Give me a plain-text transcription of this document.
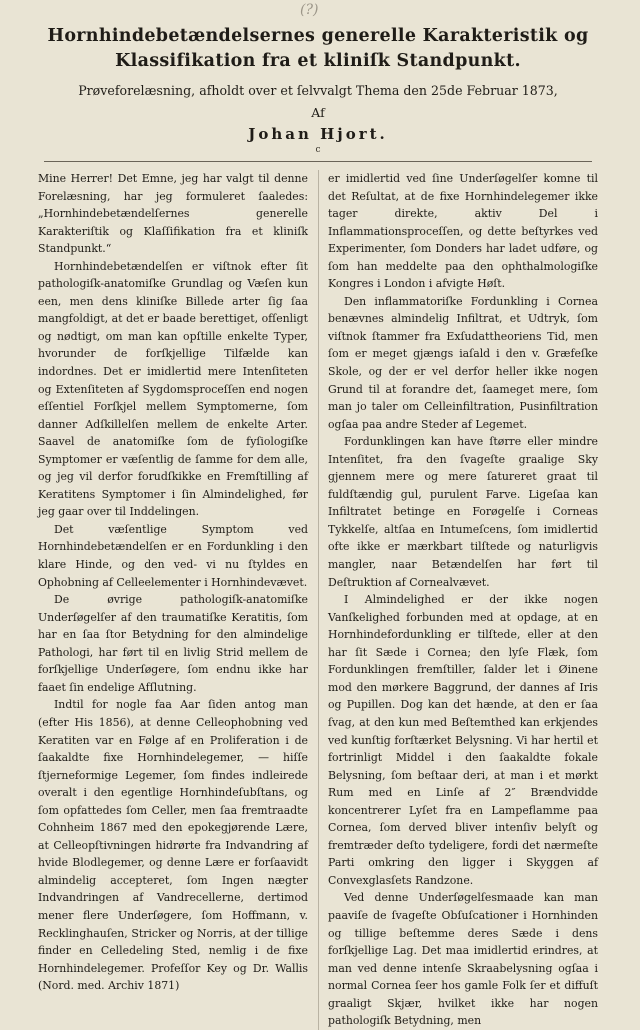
(?)
Hornhindebetændelsernes generelle Karakteristik og Klassifikation fra et kliniſk Standpunkt.

Prøveforelæsning, afholdt over et ſelvvalgt Thema den 25de Februar 1873,

Af

Johan Hjort.

c

Mine Herrer! Det Emne, jeg har valgt til denne Forelæsning, har jeg formuleret ſaaledes: „Hornhindebetændelſernes generelle Karakteriſtik og Klaſſifikation fra et kliniſk Standpunkt.“

Hornhindebetændelſen er viſtnok efter ſit pathologiſk-anatomiſke Grundlag og Væſen kun een, men dens kliniſke Billede arter ſig ſaa mangfoldigt, at det er baade berettiget, ofſenligt og nødtigt, om man kan opſtille enkelte Typer, hvorunder de forſkjellige Tilfælde kan indordnes. Det er imidlertid mere Intenſiteten og Extenſiteten af Sygdomsproceſſen end nogen eſſentiel Forſkjel mellem Symptomerne, ſom danner Adſkillelſen mellem de enkelte Arter. Saavel de anatomiſke ſom de fyſiologiſke Symptomer er væſentlig de ſamme for dem alle, og jeg vil derfor forudſkikke en Fremſtilling af Keratitens Symptomer i ſin Almindelighed, før jeg gaar over til Inddelingen.

Det væſentlige Symptom ved Hornhindebetændelſen er en Fordunkling i den klare Hinde, og den ved- vi nu ſtyldes en Ophobning af Celleelementer i Hornhindevævet.

De øvrige pathologiſk-anatomiſke Underſøgelſer af den traumatiſke Keratitis, ſom har en ſaa ſtor Betydning for den almindelige Pathologi, har ført til en livlig Strid mellem de forſkjellige Underſøgere, ſom endnu ikke har faaet ſin endelige Afſlutning.

Indtil for nogle faa Aar ſiden antog man (efter His 1856), at denne Celleophobning ved Keratiten var en Følge af en Proliferation i de ſaakaldte fixe Hornhindelegemer, — hiſſe ſtjerneformige Legemer, ſom findes indleirede overalt i den egentlige Hornhindeſubſtans, og ſom opfattedes ſom Celler, men ſaa fremtraadte Cohnheim 1867 med den epokegjørende Lære, at Celleopſtivningen hidrørte fra Indvandring af hvide Blodlegemer, og denne Lære er forſaavidt almindelig accepteret, ſom Ingen nægter Indvandringen af Vandrecellerne, dertimod mener flere Underſøgere, ſom Hoffmann, v. Recklinghauſen, Stricker og Norris, at der tillige finder en Celledeling Sted, nemlig i de fixe Hornhindelegemer. Profeſſor Key og Dr. Wallis (Nord. med. Archiv 1871)

er imidlertid ved ſine Underſøgelſer komne til det Reſultat, at de fixe Hornhindelegemer ikke tager direkte, aktiv Del i Inflammationsproceſſen, og dette beſtyrkes ved Experimenter, ſom Donders har ladet udføre, og ſom han meddelte paa den ophthalmologiſke Kongres i London i afvigte Høſt.

Den inflammatoriſke Fordunkling i Cornea benævnes almindelig Infiltrat, et Udtryk, ſom viſtnok ſtammer fra Exſudattheoriens Tid, men ſom er meget gjængs iaſald i den v. Græfeſke Skole, og der er vel derfor heller ikke nogen Grund til at forandre det, ſaameget mere, ſom man jo taler om Celleinfiltration, Pusinfiltration ogſaa paa andre Steder af Legemet.

Fordunklingen kan have ſtørre eller mindre Intenſitet, fra den ſvageſte graalige Sky gjennem mere og mere ſatureret graat til fuldſtændig gul, purulent Farve. Ligeſaa kan Infiltratet betinge en Forøgelſe i Corneas Tykkelſe, altſaa en Intumeſcens, ſom imidlertid ofte ikke er mærkbart tilſtede og naturligvis mangler, naar Betændelſen har ført til Deſtruktion af Cornealvævet.

I Almindelighed er der ikke nogen Vanſkelighed forbunden med at opdage, at en Hornhindefordunkling er tilſtede, eller at den har ſit Sæde i Cornea; den lyſe Flæk, ſom Fordunklingen fremſtiller, ſalder let i Øinene mod den mørkere Baggrund, der dannes af Iris og Pupillen. Dog kan det hænde, at den er ſaa ſvag, at den kun med Beſtemthed kan erkjendes ved kunſtig forſtærket Belysning. Vi har hertil et fortrinligt Middel i den ſaakaldte fokale Belysning, ſom beſtaar deri, at man i et mørkt Rum med en Linſe af 2″ Brændvidde koncentrerer Lyſet fra en Lampeflamme paa Cornea, ſom derved bliver intenſiv belyſt og fremtræder deſto tydeligere, fordi det nærmeſte Parti omkring den ligger i Skyggen af Convexglasſets Randzone.

Ved denne Underſøgelſesmaade kan man paaviſe de ſvageſte Obſuſcationer i Hornhinden og tillige beſtemme deres Sæde i dens forſkjellige Lag. Det maa imidlertid erindres, at man ved denne intenſe Skraabelysning ogſaa i normal Cornea ſeer hos gamle Folk ſer et diffuſt graaligt Skjær, hvilket ikke har nogen pathologiſk Betydning, men
